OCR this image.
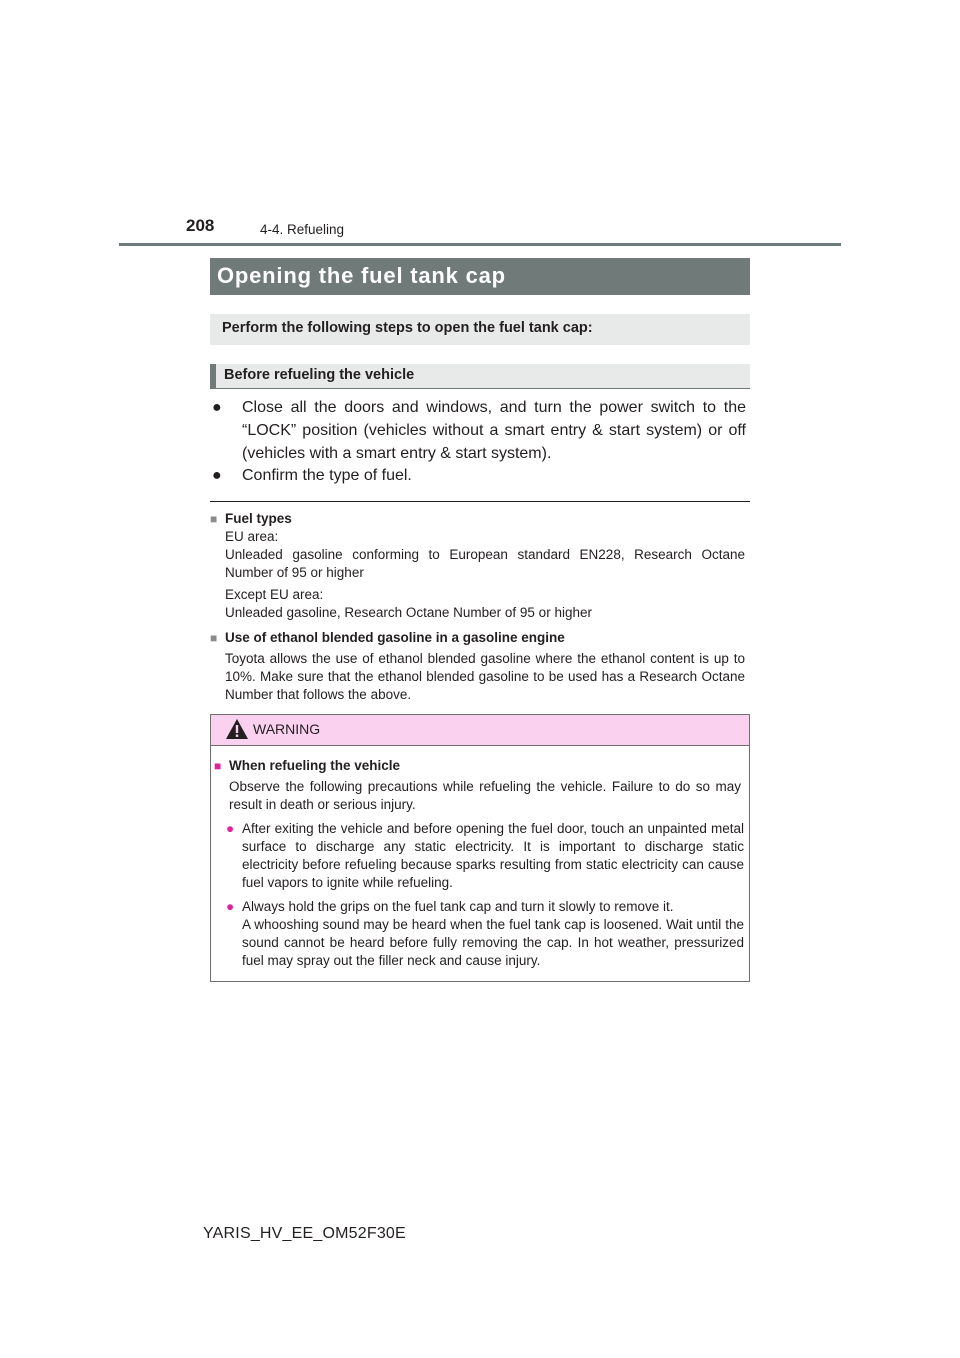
208	4-4. Refueling
Opening the fuel tank cap
Perform the following steps to open the fuel tank cap:
Before refueling the vehicle
● Close all the doors and windows, and turn the power switch to the “LOCK” position (vehicles without a smart entry & start system) or off (vehicles with a smart entry & start system).
● Confirm the type of fuel.
■ Fuel types
EU area:
Unleaded gasoline conforming to European standard EN228, Research Octane Number of 95 or higher
Except EU area:
Unleaded gasoline, Research Octane Number of 95 or higher
■ Use of ethanol blended gasoline in a gasoline engine
Toyota allows the use of ethanol blended gasoline where the ethanol content is up to 10%. Make sure that the ethanol blended gasoline to be used has a Research Octane Number that follows the above.
WARNING
■ When refueling the vehicle
Observe the following precautions while refueling the vehicle. Failure to do so may result in death or serious injury.
● After exiting the vehicle and before opening the fuel door, touch an unpainted metal surface to discharge any static electricity. It is important to discharge static electricity before refueling because sparks resulting from static electricity can cause fuel vapors to ignite while refueling.
● Always hold the grips on the fuel tank cap and turn it slowly to remove it.
A whooshing sound may be heard when the fuel tank cap is loosened. Wait until the sound cannot be heard before fully removing the cap. In hot weather, pressurized fuel may spray out the filler neck and cause injury.
YARIS_HV_EE_OM52F30E
